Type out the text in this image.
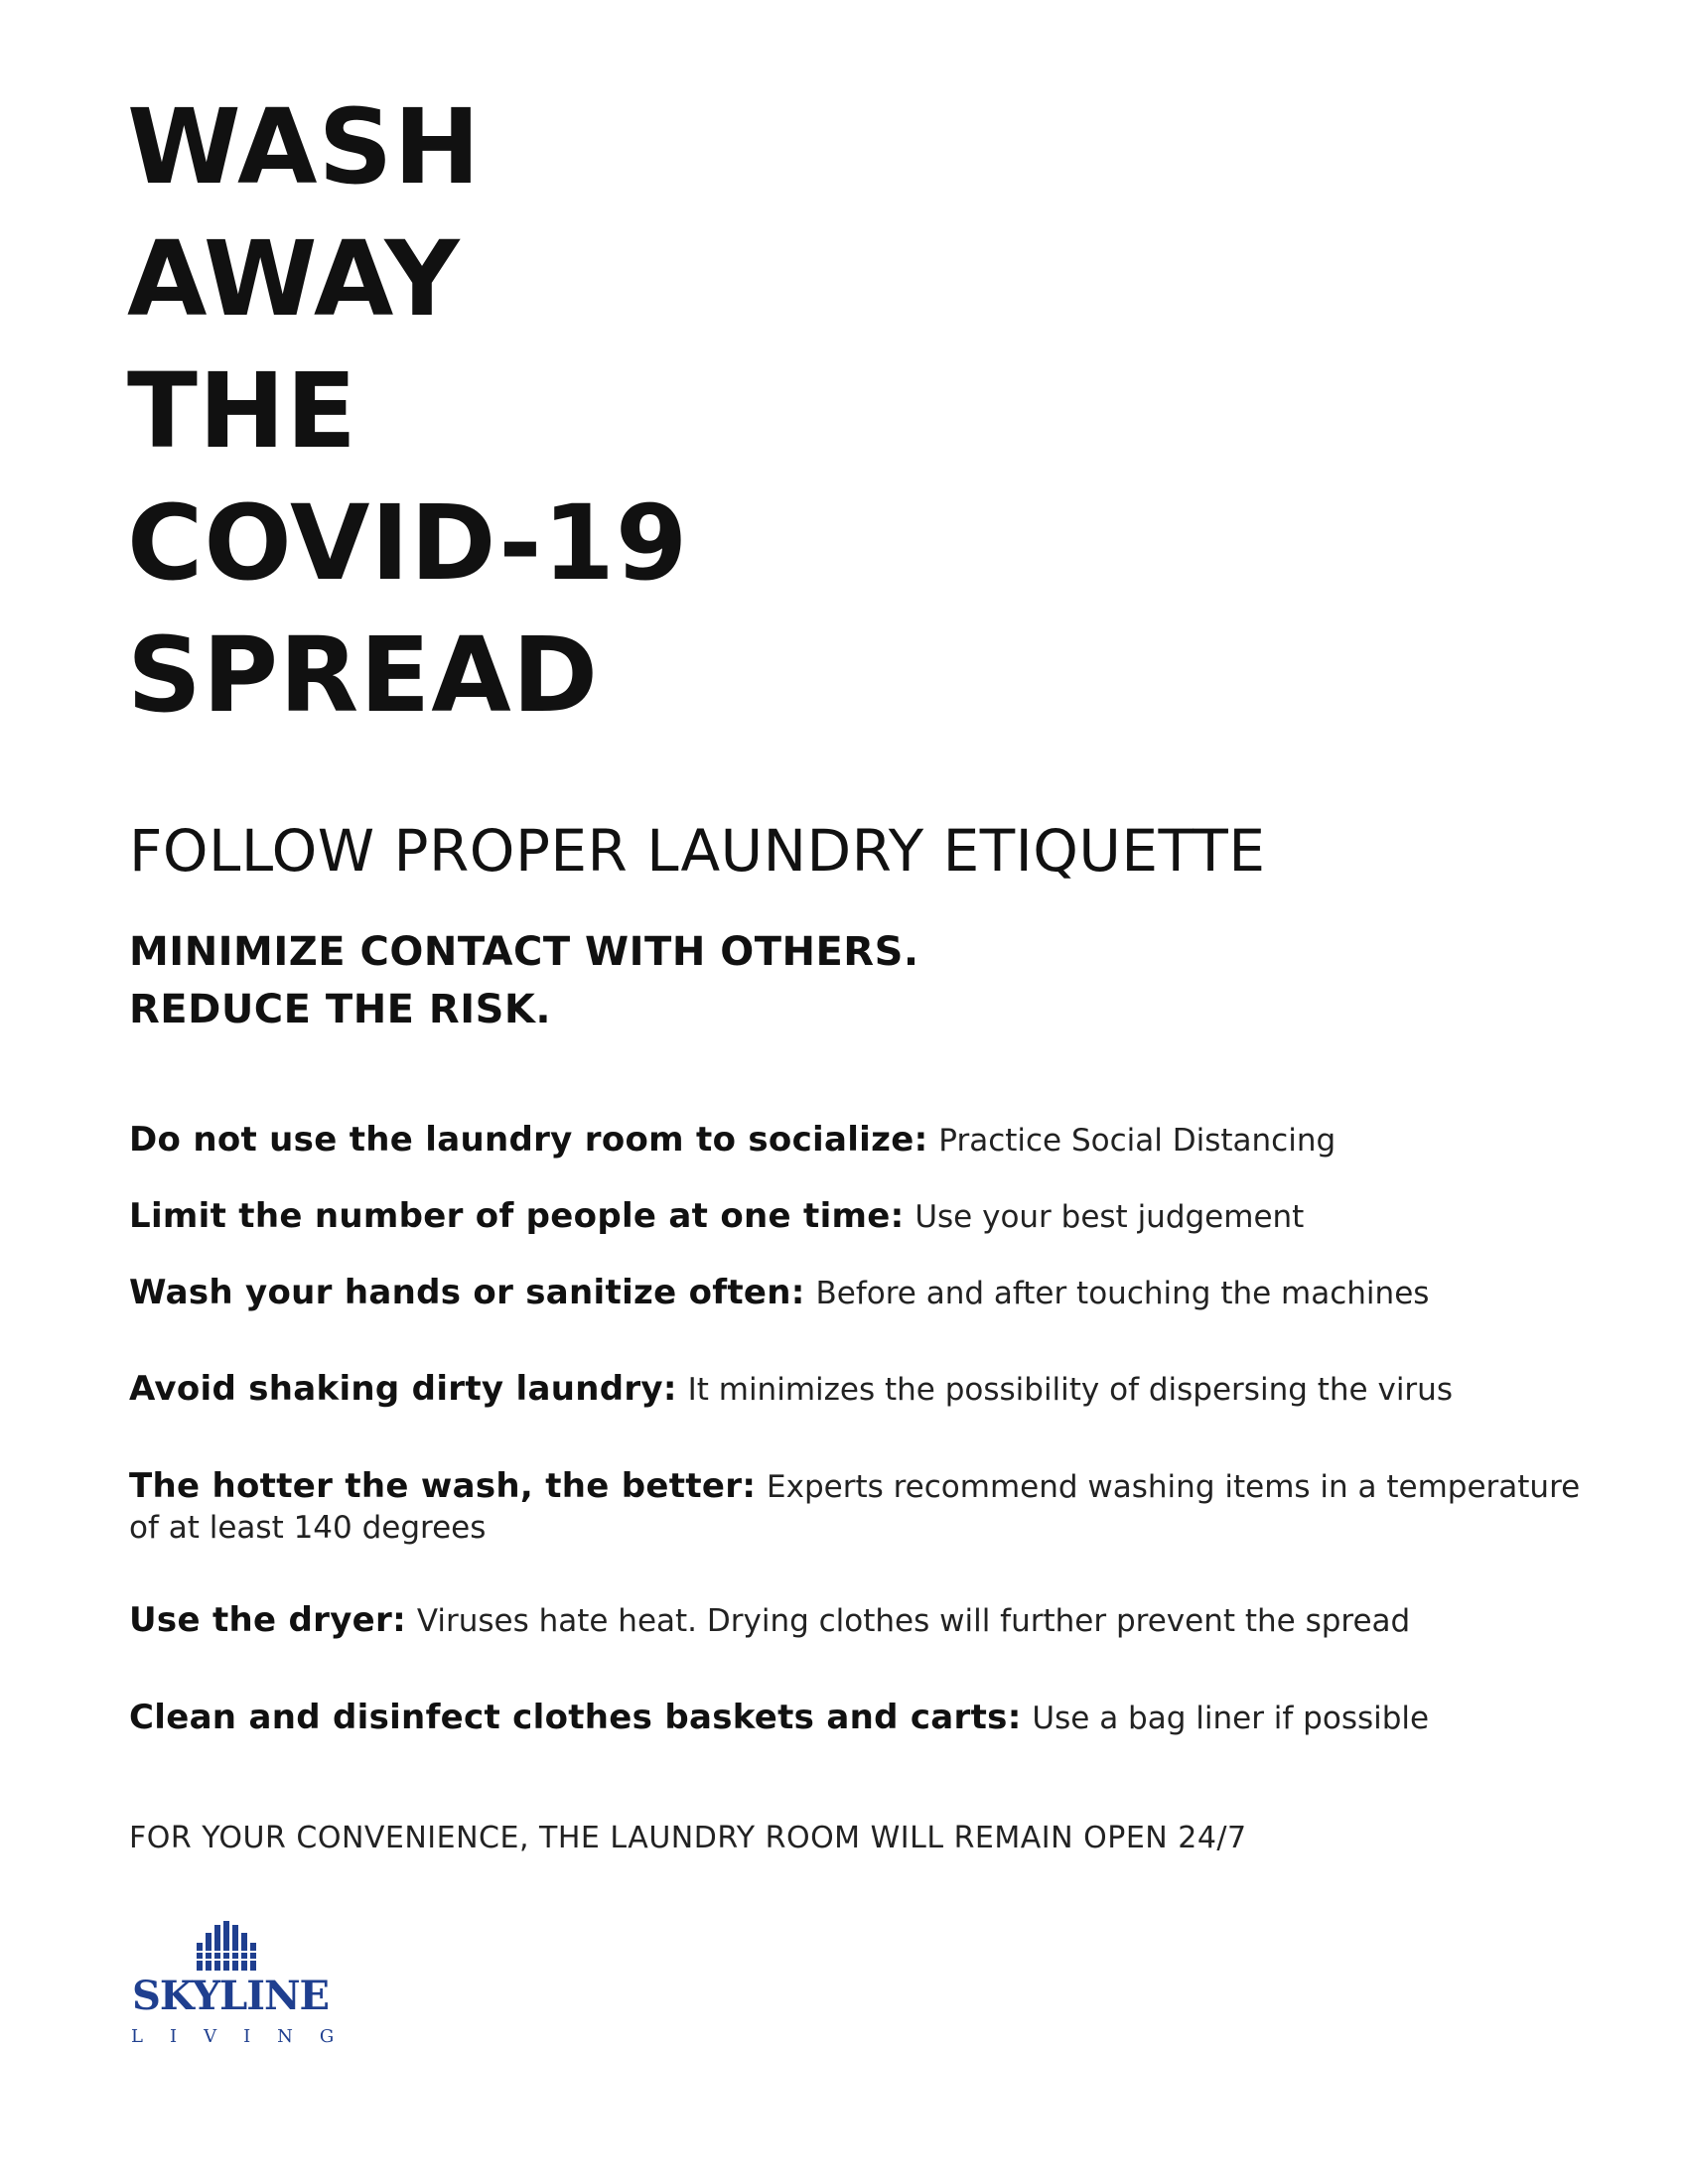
WASH
AWAY
THE
COVID-19
SPREAD
FOLLOW PROPER LAUNDRY ETIQUETTE
MINIMIZE CONTACT WITH OTHERS.
REDUCE THE RISK.

Do not use the laundry room to socialize: Practice Social Distancing

Limit the number of people at one time: Use your best judgement

Wash your hands or sanitize often: Before and after touching the machines

Avoid shaking dirty laundry: It minimizes the possibility of dispersing the virus

The hotter the wash, the better: Experts recommend washing items in a temperature of at least 140 degrees

Use the dryer: Viruses hate heat. Drying clothes will further prevent the spread

Clean and disinfect clothes baskets and carts: Use a bag liner if possible

FOR YOUR CONVENIENCE, THE LAUNDRY ROOM WILL REMAIN OPEN 24/7

SKYLINE
LIVING
